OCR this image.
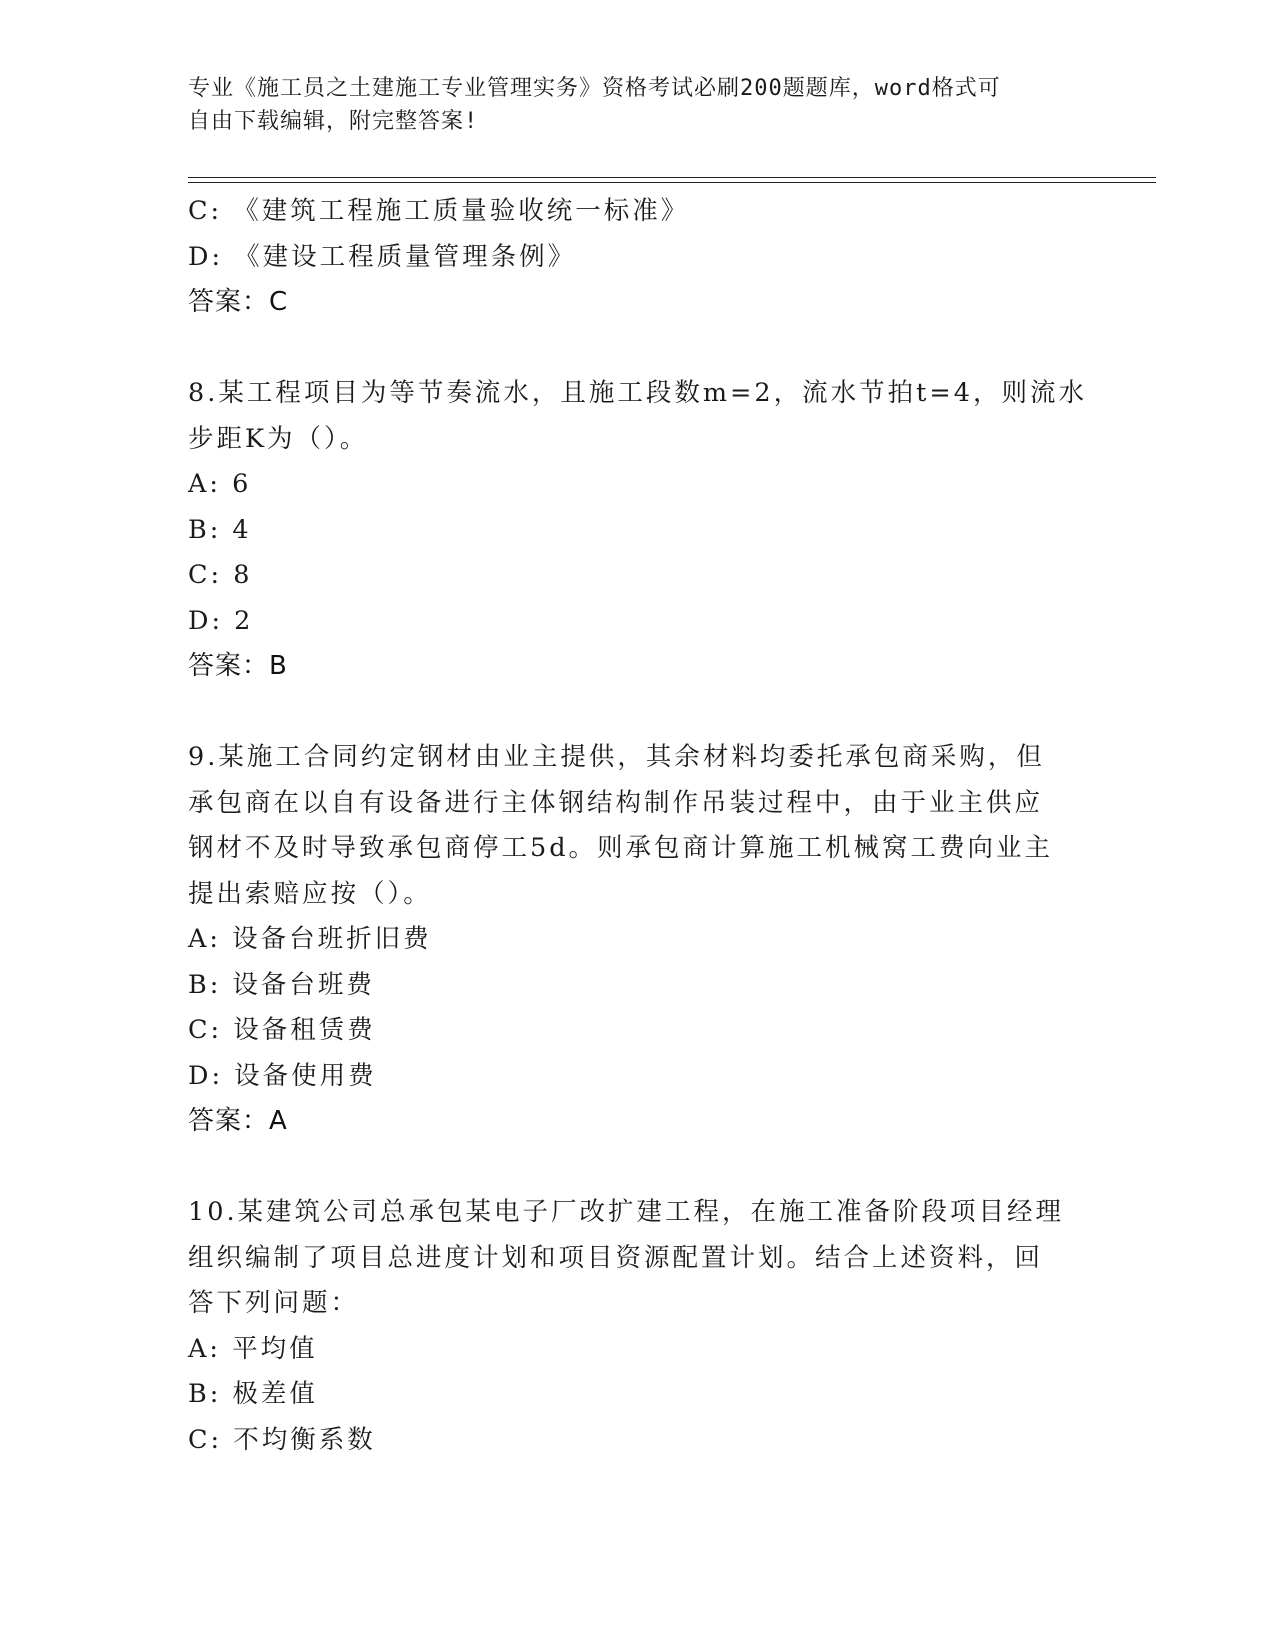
专业《施工员之土建施工专业管理实务》资格考试必刷200题题库，word格式可
自由下载编辑，附完整答案!
C: 《建筑工程施工质量验收统一标准》
D: 《建设工程质量管理条例》
答案：C
8.某工程项目为等节奏流水，且施工段数m=2，流水节拍t=4，则流水
步距K为（）。
A: 6
B: 4
C: 8
D: 2
答案：B
9.某施工合同约定钢材由业主提供，其余材料均委托承包商采购，但
承包商在以自有设备进行主体钢结构制作吊装过程中，由于业主供应
钢材不及时导致承包商停工5d。则承包商计算施工机械窝工费向业主
提出索赔应按（）。
A: 设备台班折旧费
B: 设备台班费
C: 设备租赁费
D: 设备使用费
答案：A
10.某建筑公司总承包某电子厂改扩建工程，在施工准备阶段项目经理
组织编制了项目总进度计划和项目资源配置计划。结合上述资料，回
答下列问题：
A: 平均值
B: 极差值
C: 不均衡系数
